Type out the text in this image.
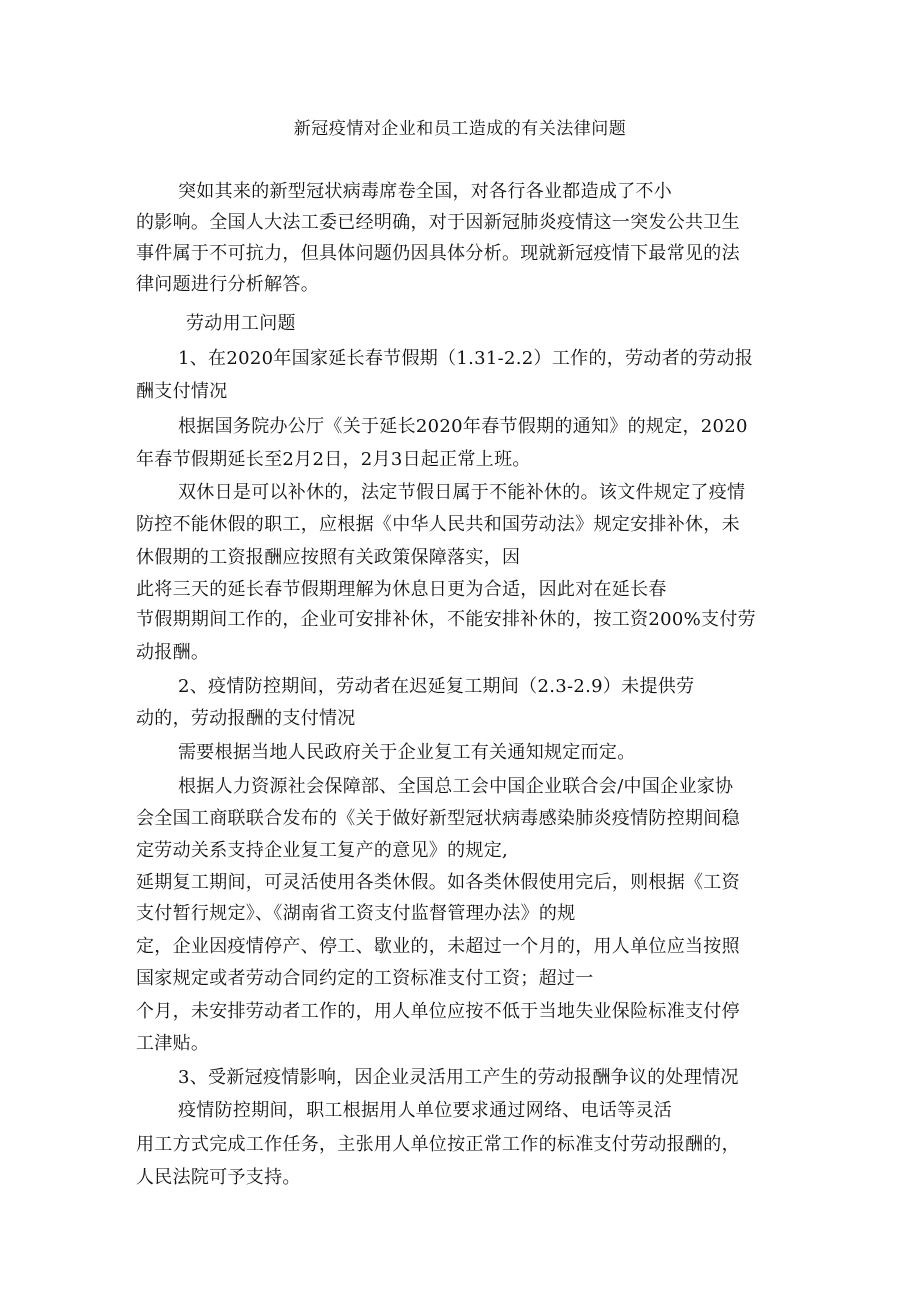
新冠疫情对企业和员工造成的有关法律问题
突如其来的新型冠状病毒席卷全国，对各行各业都造成了不小
的影响。全国人大法工委已经明确，对于因新冠肺炎疫情这一突发公共卫生
事件属于不可抗力，但具体问题仍因具体分析。现就新冠疫情下最常见的法
律问题进行分析解答。
劳动用工问题
1、在2020年国家延长春节假期（1.31-2.2）工作的，劳动者的劳动报
酬支付情况
根据国务院办公厅《关于延长2020年春节假期的通知》的规定，2020
年春节假期延长至2月2日，2月3日起正常上班。
双休日是可以补休的，法定节假日属于不能补休的。该文件规定了疫情
防控不能休假的职工，应根据《中华人民共和国劳动法》规定安排补休，未
休假期的工资报酬应按照有关政策保障落实，因
此将三天的延长春节假期理解为休息日更为合适，因此对在延长春
节假期期间工作的，企业可安排补休，不能安排补休的，按工资200%支付劳
动报酬。
2、疫情防控期间，劳动者在迟延复工期间（2.3-2.9）未提供劳
动的，劳动报酬的支付情况
需要根据当地人民政府关于企业复工有关通知规定而定。
根据人力资源社会保障部、全国总工会中国企业联合会/中国企业家协
会全国工商联联合发布的《关于做好新型冠状病毒感染肺炎疫情防控期间稳
定劳动关系支持企业复工复产的意见》的规定,
延期复工期间，可灵活使用各类休假。如各类休假使用完后，则根据《工资
支付暂行规定》、《湖南省工资支付监督管理办法》的规
定，企业因疫情停产、停工、歇业的，未超过一个月的，用人单位应当按照
国家规定或者劳动合同约定的工资标准支付工资；超过一
个月，未安排劳动者工作的，用人单位应按不低于当地失业保险标准支付停
工津贴。
3、受新冠疫情影响，因企业灵活用工产生的劳动报酬争议的处理情况
疫情防控期间，职工根据用人单位要求通过网络、电话等灵活
用工方式完成工作任务，主张用人单位按正常工作的标准支付劳动报酬的，
人民法院可予支持。
